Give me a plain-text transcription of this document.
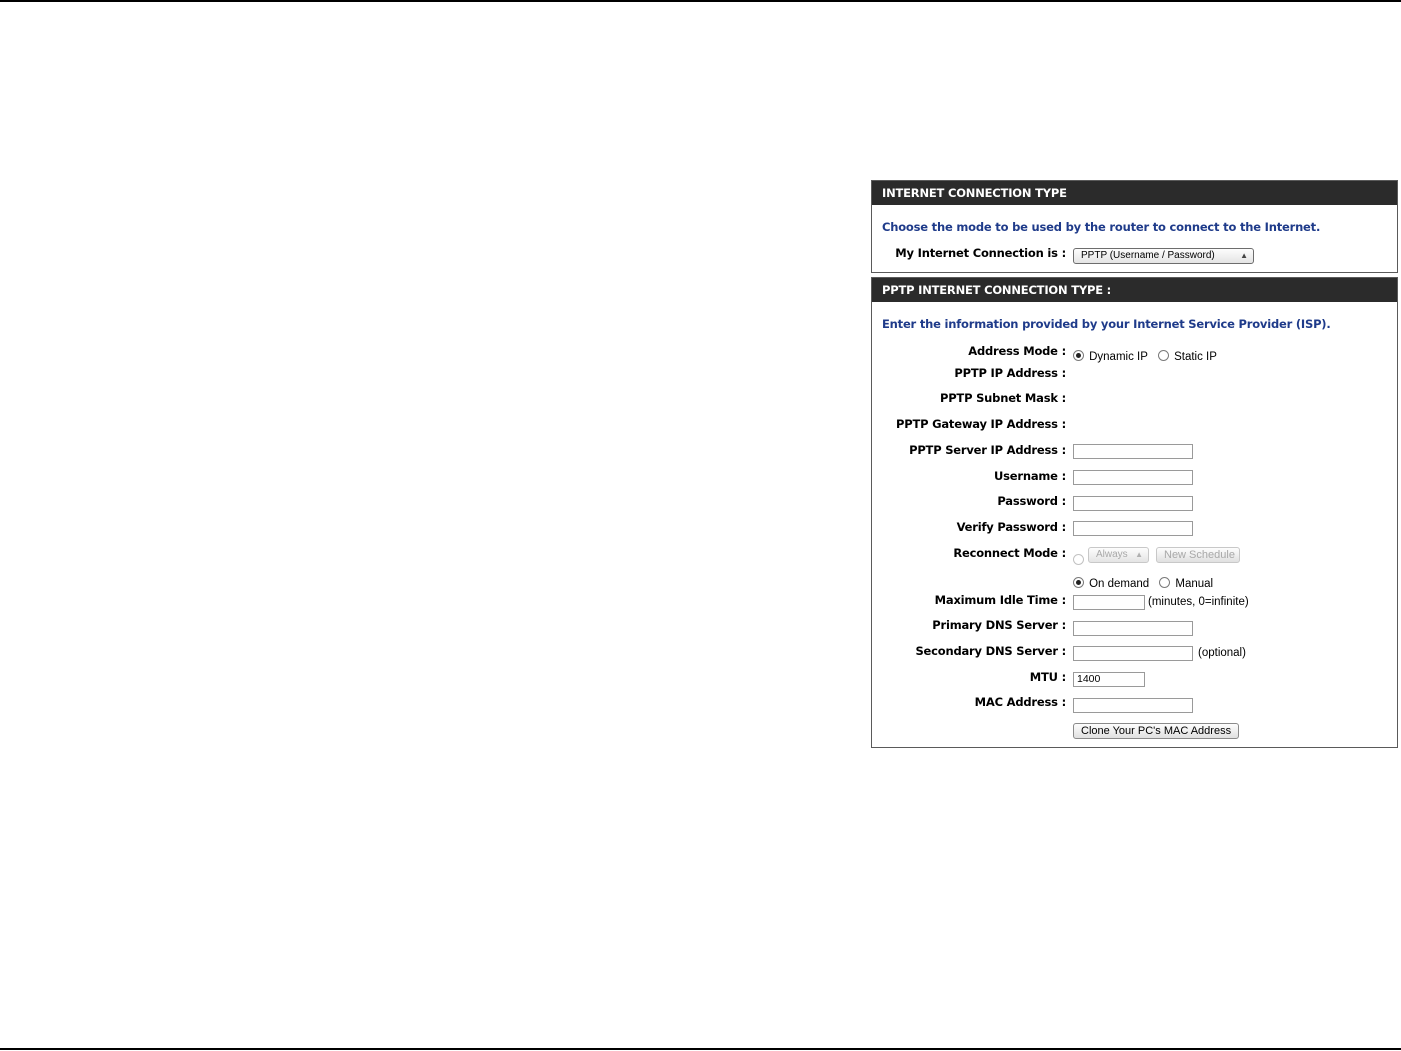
INTERNET CONNECTION TYPE
Choose the mode to be used by the router to connect to the Internet.
My Internet Connection is :	PPTP (Username / Password)	▲

PPTP INTERNET CONNECTION TYPE :
Enter the information provided by your Internet Service Provider (ISP).
Address Mode :	Dynamic IP Static IP
PPTP IP Address :
PPTP Subnet Mask :
PPTP Gateway IP Address :
PPTP Server IP Address :
Username :
Password :
Verify Password :
Reconnect Mode :	Always ▲	New Schedule
On demand Manual
Maximum Idle Time :	(minutes, 0=infinite)
Primary DNS Server :
Secondary DNS Server :	(optional)
MTU :	1400
MAC Address :
Clone Your PC's MAC Address
